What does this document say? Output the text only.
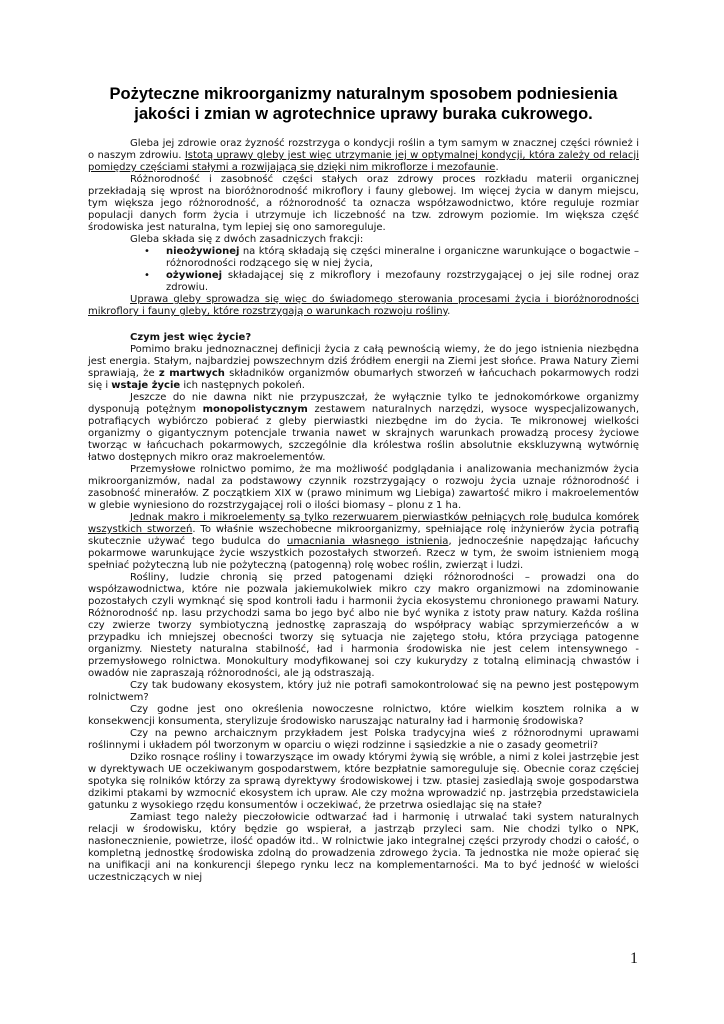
Pożyteczne mikroorganizmy naturalnym sposobem podniesienia jakości i zmian w agrotechnice uprawy buraka cukrowego.

Gleba jej zdrowie oraz żyzność rozstrzyga o kondycji roślin a tym samym w znacznej części również i o naszym zdrowiu. Istotą uprawy gleby jest więc utrzymanie jej w optymalnej kondycji, która zależy od relacji pomiędzy częściami stałymi a rozwijającą się dzięki nim mikroflorze i mezofaunie.

Różnorodność i zasobność części stałych oraz zdrowy proces rozkładu materii organicznej przekładają się wprost na bioróżnorodność mikroflory i fauny glebowej. Im więcej życia w danym miejscu, tym większa jego różnorodność, a różnorodność ta oznacza współzawodnictwo, które reguluje rozmiar populacji danych form życia i utrzymuje ich liczebność na tzw. zdrowym poziomie. Im większa część środowiska jest naturalna, tym lepiej się ono samoreguluje.

Gleba składa się z dwóch zasadniczych frakcji:

• nieożywionej na którą składają się części mineralne i organiczne warunkujące o bogactwie – różnorodności rodzącego się w niej życia,
• ożywionej składającej się z mikroflory i mezofauny rozstrzygającej o jej sile rodnej oraz zdrowiu.

Uprawa gleby sprowadza się więc do świadomego sterowania procesami życia i bioróżnorodności mikroflory i fauny gleby, które rozstrzygają o warunkach rozwoju rośliny.

Czym jest więc życie?

Pomimo braku jednoznacznej definicji życia z całą pewnością wiemy, że do jego istnienia niezbędna jest energia. Stałym, najbardziej powszechnym dziś źródłem energii na Ziemi jest słońce. Prawa Natury Ziemi sprawiają, że z martwych składników organizmów obumarłych stworzeń w łańcuchach pokarmowych rodzi się i wstaje życie ich następnych pokoleń.

Jeszcze do nie dawna nikt nie przypuszczał, że wyłącznie tylko te jednokomórkowe organizmy dysponują potężnym monopolistycznym zestawem naturalnych narzędzi, wysoce wyspecjalizowanych, potrafiących wybiórczo pobierać z gleby pierwiastki niezbędne im do życia. Te mikronowej wielkości organizmy o gigantycznym potencjale trwania nawet w skrajnych warunkach prowadzą procesy życiowe tworząc w łańcuchach pokarmowych, szczególnie dla królestwa roślin absolutnie ekskluzywną wytwórnię łatwo dostępnych mikro oraz makroelementów.

Przemysłowe rolnictwo pomimo, że ma możliwość podglądania i analizowania mechanizmów życia mikroorganizmów, nadal za podstawowy czynnik rozstrzygający o rozwoju życia uznaje różnorodność i zasobność minerałów. Z początkiem XIX w (prawo minimum wg Liebiga) zawartość mikro i makroelementów w glebie wyniesiono do rozstrzygającej roli o ilości biomasy – plonu z 1 ha.

Jednak makro i mikroelementy są tylko rezerwuarem pierwiastków pełniących rolę budulca komórek wszystkich stworzeń. To właśnie wszechobecne mikroorganizmy, spełniające rolę inżynierów życia potrafią skutecznie używać tego budulca do umacniania własnego istnienia, jednocześnie napędzając łańcuchy pokarmowe warunkujące życie wszystkich pozostałych stworzeń. Rzecz w tym, że swoim istnieniem mogą spełniać pożyteczną lub nie pożyteczną (patogenną) rolę wobec roślin, zwierząt i ludzi.

Rośliny, ludzie chronią się przed patogenami dzięki różnorodności – prowadzi ona do współzawodnictwa, które nie pozwala jakiemukolwiek mikro czy makro organizmowi na zdominowanie pozostałych czyli wymknąć się spod kontroli ładu i harmonii życia ekosystemu chronionego prawami Natury. Różnorodność np. lasu przychodzi sama bo jego być albo nie być wynika z istoty praw natury. Każda roślina czy zwierze tworzy symbiotyczną jednostkę zapraszają do współpracy wabiąc sprzymierzeńców a w przypadku ich mniejszej obecności tworzy się sytuacja nie zajętego stołu, która przyciąga patogenne organizmy. Niestety naturalna stabilność, ład i harmonia środowiska nie jest celem intensywnego - przemysłowego rolnictwa. Monokultury modyfikowanej soi czy kukurydzy z totalną eliminacją chwastów i owadów nie zapraszają różnorodności, ale ją odstraszają.

Czy tak budowany ekosystem, który już nie potrafi samokontrolować się na pewno jest postępowym rolnictwem?

Czy godne jest ono określenia nowoczesne rolnictwo, które wielkim kosztem rolnika a w konsekwencji konsumenta, sterylizuje środowisko naruszając naturalny ład i harmonię środowiska?

Czy na pewno archaicznym przykładem jest Polska tradycyjna wieś z różnorodnymi uprawami roślinnymi i układem pól tworzonym w oparciu o więzi rodzinne i sąsiedzkie a nie o zasady geometrii?

Dziko rosnące rośliny i towarzyszące im owady którymi żywią się wróble, a nimi z kolei jastrzębie jest w dyrektywach UE oczekiwanym gospodarstwem, które bezpłatnie samoreguluje się. Obecnie coraz częściej spotyka się rolników którzy za sprawą dyrektywy środowiskowej i tzw. ptasiej zasiedlają swoje gospodarstwa dzikimi ptakami by wzmocnić ekosystem ich upraw. Ale czy można wprowadzić np. jastrzębia przedstawiciela gatunku z wysokiego rzędu konsumentów i oczekiwać, że przetrwa osiedlając się na stałe?

Zamiast tego należy pieczołowicie odtwarzać ład i harmonię i utrwalać taki system naturalnych relacji w środowisku, który będzie go wspierał, a jastrząb przyleci sam. Nie chodzi tylko o NPK, nasłonecznienie, powietrze, ilość opadów itd.. W rolnictwie jako integralnej części przyrody chodzi o całość, o kompletną jednostkę środowiska zdolną do prowadzenia zdrowego życia. Ta jednostka nie może opierać się na unifikacji ani na konkurencji ślepego rynku lecz na komplementarności. Ma to być jedność w wielości uczestniczących w niej

1
